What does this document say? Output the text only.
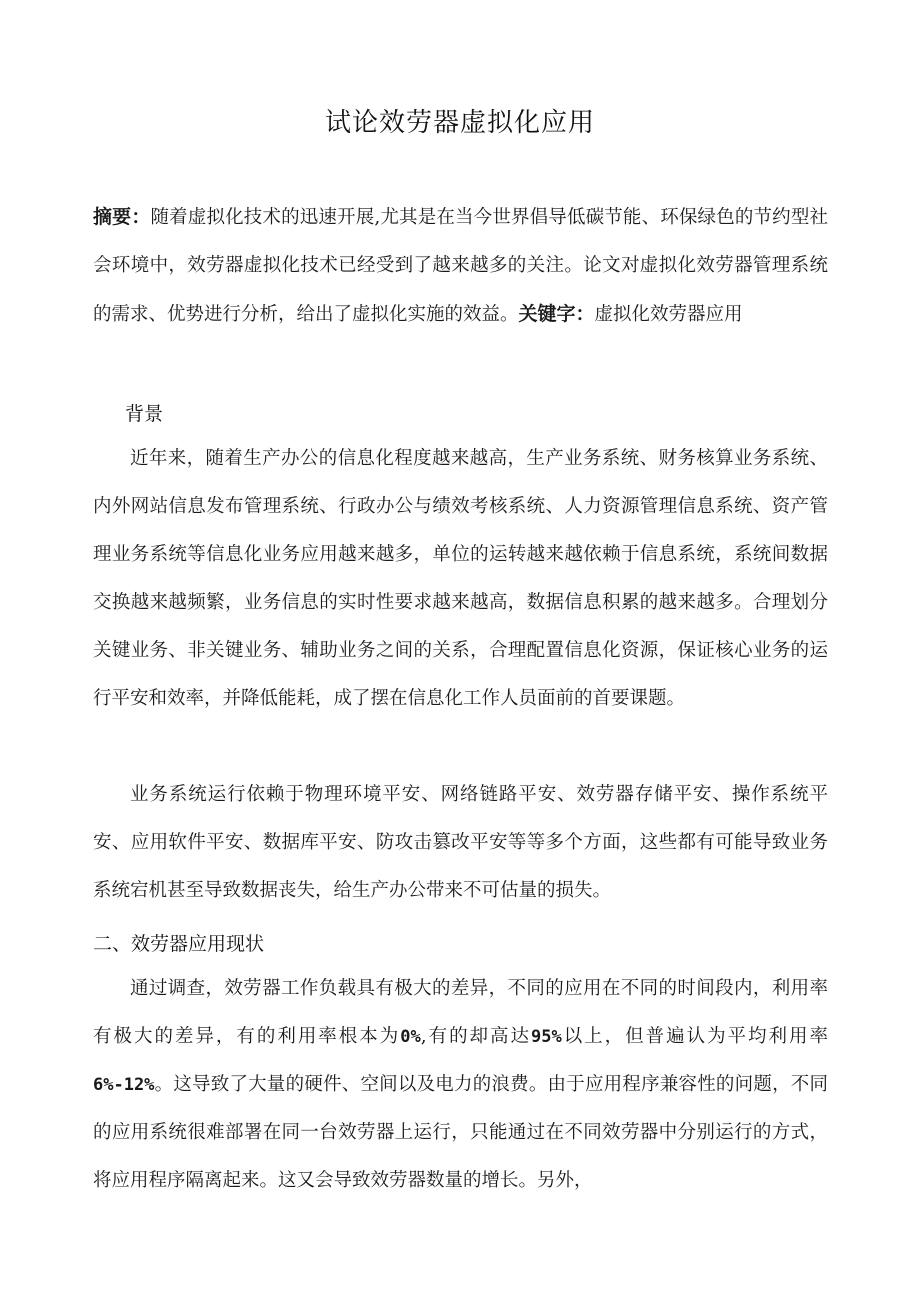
试论效劳器虚拟化应用
摘要：随着虚拟化技术的迅速开展,尤其是在当今世界倡导低碳节能、环保绿色的节约型社会环境中，效劳器虚拟化技术已经受到了越来越多的关注。论文对虚拟化效劳器管理系统的需求、优势进行分析，给出了虚拟化实施的效益。关键字：虚拟化效劳器应用
背景
近年来，随着生产办公的信息化程度越来越高，生产业务系统、财务核算业务系统、内外网站信息发布管理系统、行政办公与绩效考核系统、人力资源管理信息系统、资产管理业务系统等信息化业务应用越来越多，单位的运转越来越依赖于信息系统，系统间数据交换越来越频繁，业务信息的实时性要求越来越高，数据信息积累的越来越多。合理划分关键业务、非关键业务、辅助业务之间的关系，合理配置信息化资源，保证核心业务的运行平安和效率，并降低能耗，成了摆在信息化工作人员面前的首要课题。
业务系统运行依赖于物理环境平安、网络链路平安、效劳器存储平安、操作系统平安、应用软件平安、数据库平安、防攻击篡改平安等等多个方面，这些都有可能导致业务系统宕机甚至导致数据丧失，给生产办公带来不可估量的损失。
二、效劳器应用现状
通过调查，效劳器工作负载具有极大的差异，不同的应用在不同的时间段内，利用率有极大的差异，有的利用率根本为0%,有的却高达95%以上，但普遍认为平均利用率6%-12%。这导致了大量的硬件、空间以及电力的浪费。由于应用程序兼容性的问题，不同的应用系统很难部署在同一台效劳器上运行，只能通过在不同效劳器中分别运行的方式，将应用程序隔离起来。这又会导致效劳器数量的增长。另外，
